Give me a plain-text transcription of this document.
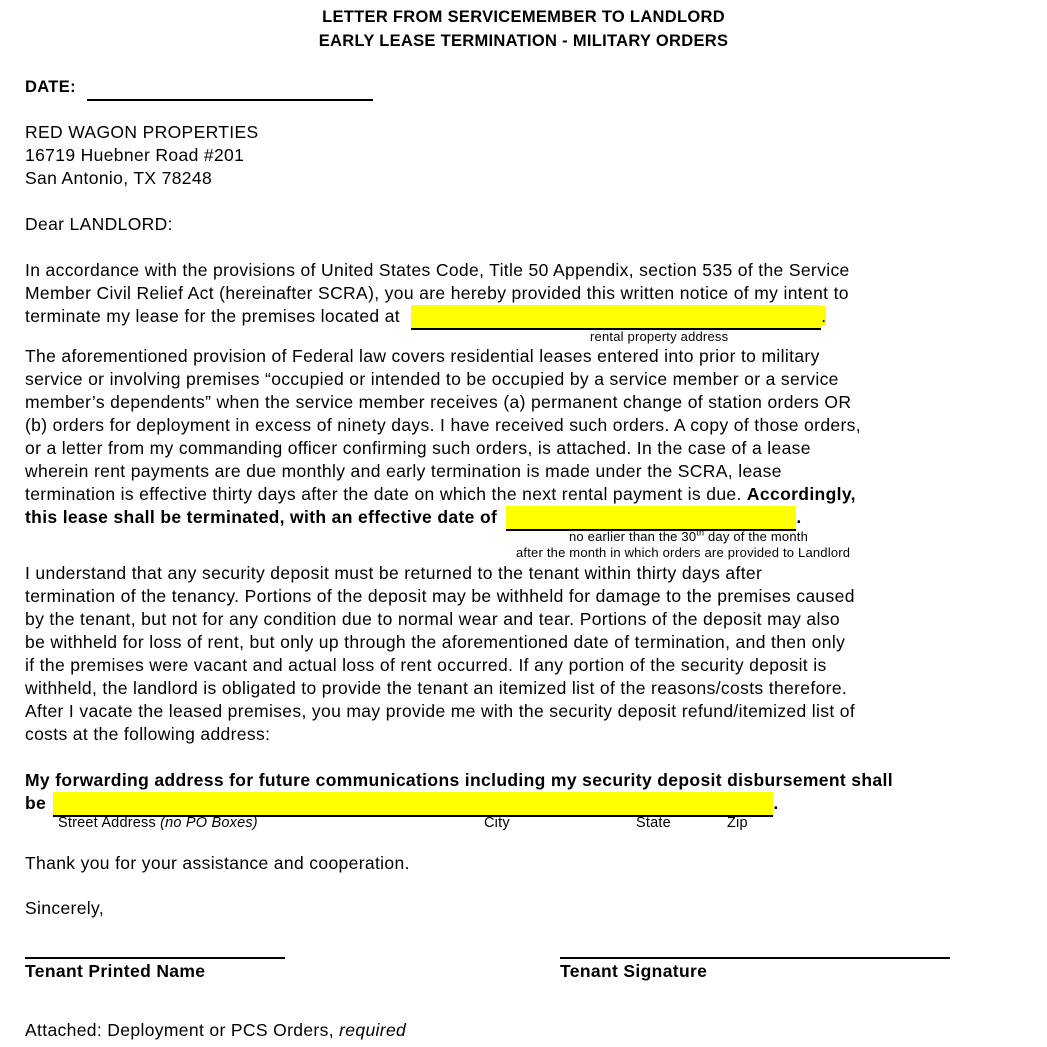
LETTER FROM SERVICEMEMBER TO LANDLORD
EARLY LEASE TERMINATION - MILITARY ORDERS
DATE:
RED WAGON PROPERTIES
16719 Huebner Road #201
San Antonio, TX 78248
Dear LANDLORD:
In accordance with the provisions of United States Code, Title 50 Appendix, section 535 of the Service
Member Civil Relief Act (hereinafter SCRA), you are hereby provided this written notice of my intent to
terminate my lease for the premises located at	.
rental property address
The aforementioned provision of Federal law covers residential leases entered into prior to military
service or involving premises “occupied or intended to be occupied by a service member or a service
member’s dependents” when the service member receives (a) permanent change of station orders OR
(b) orders for deployment in excess of ninety days. I have received such orders. A copy of those orders,
or a letter from my commanding officer confirming such orders, is attached. In the case of a lease
wherein rent payments are due monthly and early termination is made under the SCRA, lease
termination is effective thirty days after the date on which the next rental payment is due. Accordingly,
this lease shall be terminated, with an effective date of	.
no earlier than the 30th day of the month
after the month in which orders are provided to Landlord
I understand that any security deposit must be returned to the tenant within thirty days after
termination of the tenancy. Portions of the deposit may be withheld for damage to the premises caused
by the tenant, but not for any condition due to normal wear and tear. Portions of the deposit may also
be withheld for loss of rent, but only up through the aforementioned date of termination, and then only
if the premises were vacant and actual loss of rent occurred. If any portion of the security deposit is
withheld, the landlord is obligated to provide the tenant an itemized list of the reasons/costs therefore.
After I vacate the leased premises, you may provide me with the security deposit refund/itemized list of
costs at the following address:
My forwarding address for future communications including my security deposit disbursement shall
be	.
Street Address (no PO Boxes)	City	State	Zip
Thank you for your assistance and cooperation.
Sincerely,
Tenant Printed Name	Tenant Signature
Attached: Deployment or PCS Orders, required
